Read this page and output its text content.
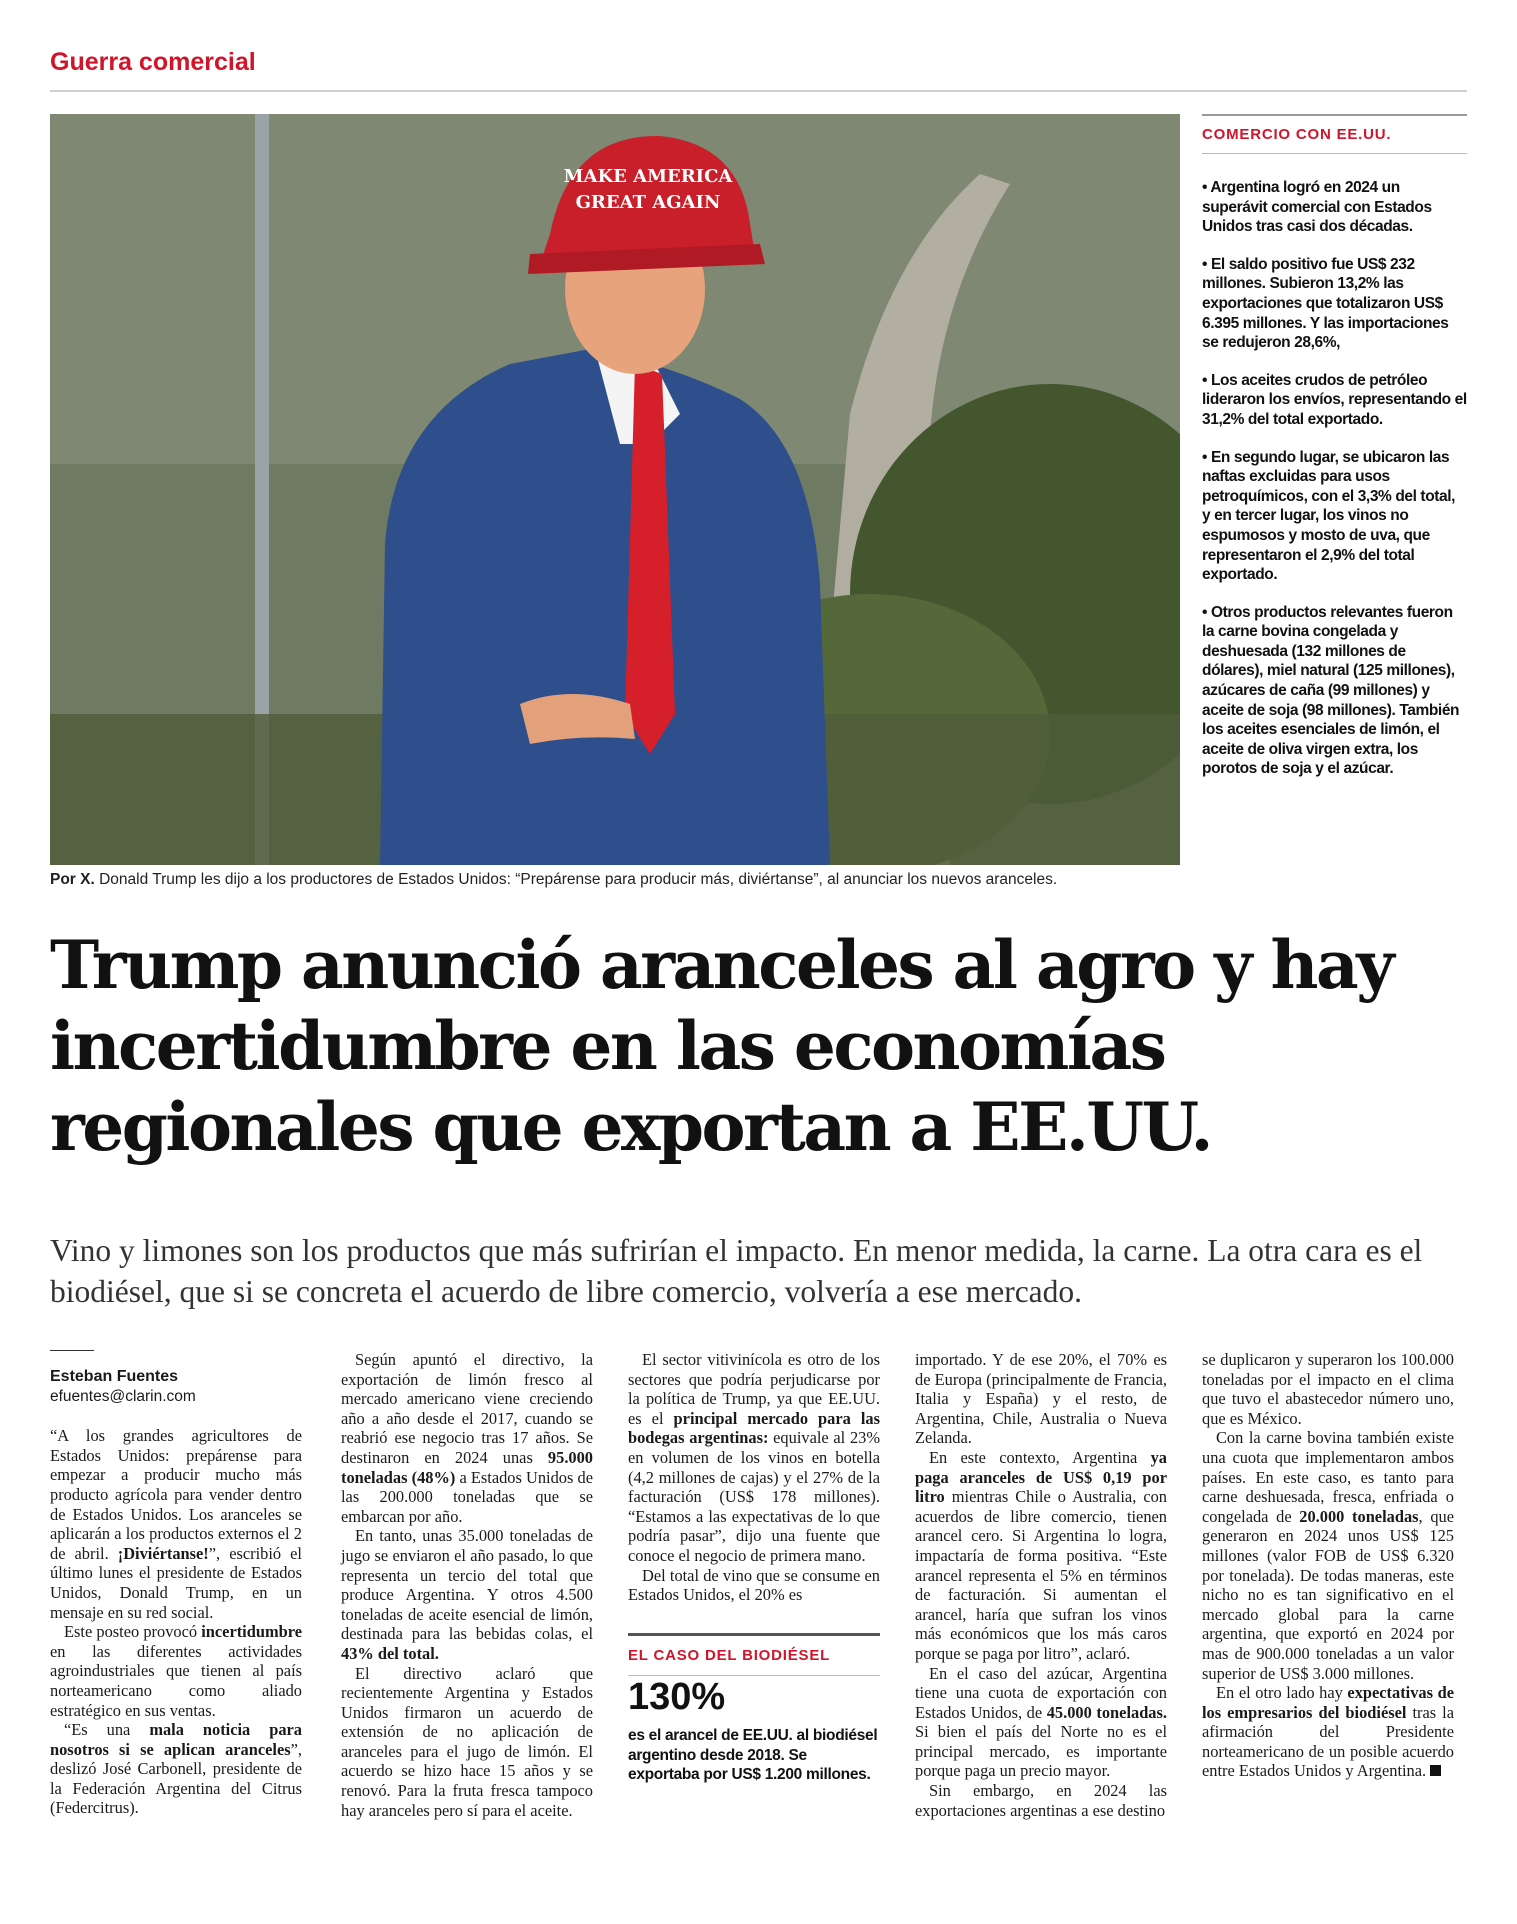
Guerra comercial
MAKE AMERICA
GREAT AGAIN
Por X. Donald Trump les dijo a los productores de Estados Unidos: “Prepárense para producir más, diviértanse”, al anunciar los nuevos aranceles.
COMERCIO CON EE.UU.
• Argentina logró en 2024 un superávit comercial con Estados Unidos tras casi dos décadas.
• El saldo positivo fue US$ 232 millones. Subieron 13,2% las exportaciones que totalizaron US$ 6.395 millones. Y las importaciones se redujeron 28,6%,
• Los aceites crudos de petróleo lideraron los envíos, representando el 31,2% del total exportado.
• En segundo lugar, se ubicaron las naftas excluidas para usos petroquímicos, con el 3,3% del total, y en tercer lugar, los vinos no espumosos y mosto de uva, que representaron el 2,9% del total exportado.
• Otros productos relevantes fueron la carne bovina congelada y deshuesada (132 millones de dólares), miel natural (125 millones), azúcares de caña (99 millones) y aceite de soja (98 millones). También los aceites esenciales de limón, el aceite de oliva virgen extra, los porotos de soja y el azúcar.
Trump anunció aranceles al agro y hay incertidumbre en las economías regionales que exportan a EE.UU.

Vino y limones son los productos que más sufrirían el impacto. En menor medida, la carne. La otra cara es el biodiésel, que si se concreta el acuerdo de libre comercio, volvería a ese mercado.

Esteban Fuentes
efuentes@clarin.com

“A los grandes agricultores de Estados Unidos: prepárense para empezar a producir mucho más producto agrícola para vender dentro de Estados Unidos. Los aranceles se aplicarán a los productos externos el 2 de abril. ¡Diviértanse!”, escribió el último lunes el presidente de Estados Unidos, Donald Trump, en un mensaje en su red social.

Este posteo provocó incertidumbre en las diferentes actividades agroindustriales que tienen al país norteamericano como aliado estratégico en sus ventas.

“Es una mala noticia para nosotros si se aplican aranceles”, deslizó José Carbonell, presidente de la Federación Argentina del Citrus (Federcitrus).

Según apuntó el directivo, la exportación de limón fresco al mercado americano viene creciendo año a año desde el 2017, cuando se reabrió ese negocio tras 17 años. Se destinaron en 2024 unas 95.000 toneladas (48%) a Estados Unidos de las 200.000 toneladas que se embarcan por año.

En tanto, unas 35.000 toneladas de jugo se enviaron el año pasado, lo que representa un tercio del total que produce Argentina. Y otros 4.500 toneladas de aceite esencial de limón, destinada para las bebidas colas, el 43% del total.

El directivo aclaró que recientemente Argentina y Estados Unidos firmaron un acuerdo de extensión de no aplicación de aranceles para el jugo de limón. El acuerdo se hizo hace 15 años y se renovó. Para la fruta fresca tampoco hay aranceles pero sí para el aceite.

El sector vitivinícola es otro de los sectores que podría perjudicarse por la política de Trump, ya que EE.UU. es el principal mercado para las bodegas argentinas: equivale al 23% en volumen de los vinos en botella (4,2 millones de cajas) y el 27% de la facturación (US$ 178 millones). “Estamos a las expectativas de lo que podría pasar”, dijo una fuente que conoce el negocio de primera mano.

Del total de vino que se consume en Estados Unidos, el 20% es

EL CASO DEL BIODIÉSEL
130%
es el arancel de EE.UU. al biodiésel argentino desde 2018. Se exportaba por US$ 1.200 millones.

importado. Y de ese 20%, el 70% es de Europa (principalmente de Francia, Italia y España) y el resto, de Argentina, Chile, Australia o Nueva Zelanda.

En este contexto, Argentina ya paga aranceles de US$ 0,19 por litro mientras Chile o Australia, con acuerdos de libre comercio, tienen arancel cero. Si Argentina lo logra, impactaría de forma positiva. “Este arancel representa el 5% en términos de facturación. Si aumentan el arancel, haría que sufran los vinos más económicos que los más caros porque se paga por litro”, aclaró.

En el caso del azúcar, Argentina tiene una cuota de exportación con Estados Unidos, de 45.000 toneladas. Si bien el país del Norte no es el principal mercado, es importante porque paga un precio mayor.

Sin embargo, en 2024 las exportaciones argentinas a ese destino

se duplicaron y superaron los 100.000 toneladas por el impacto en el clima que tuvo el abastecedor número uno, que es México.

Con la carne bovina también existe una cuota que implementaron ambos países. En este caso, es tanto para carne deshuesada, fresca, enfriada o congelada de 20.000 toneladas, que generaron en 2024 unos US$ 125 millones (valor FOB de US$ 6.320 por tonelada). De todas maneras, este nicho no es tan significativo en el mercado global para la carne argentina, que exportó en 2024 por mas de 900.000 toneladas a un valor superior de US$ 3.000 millones.

En el otro lado hay expectativas de los empresarios del biodiésel tras la afirmación del Presidente norteamericano de un posible acuerdo entre Estados Unidos y Argentina.
